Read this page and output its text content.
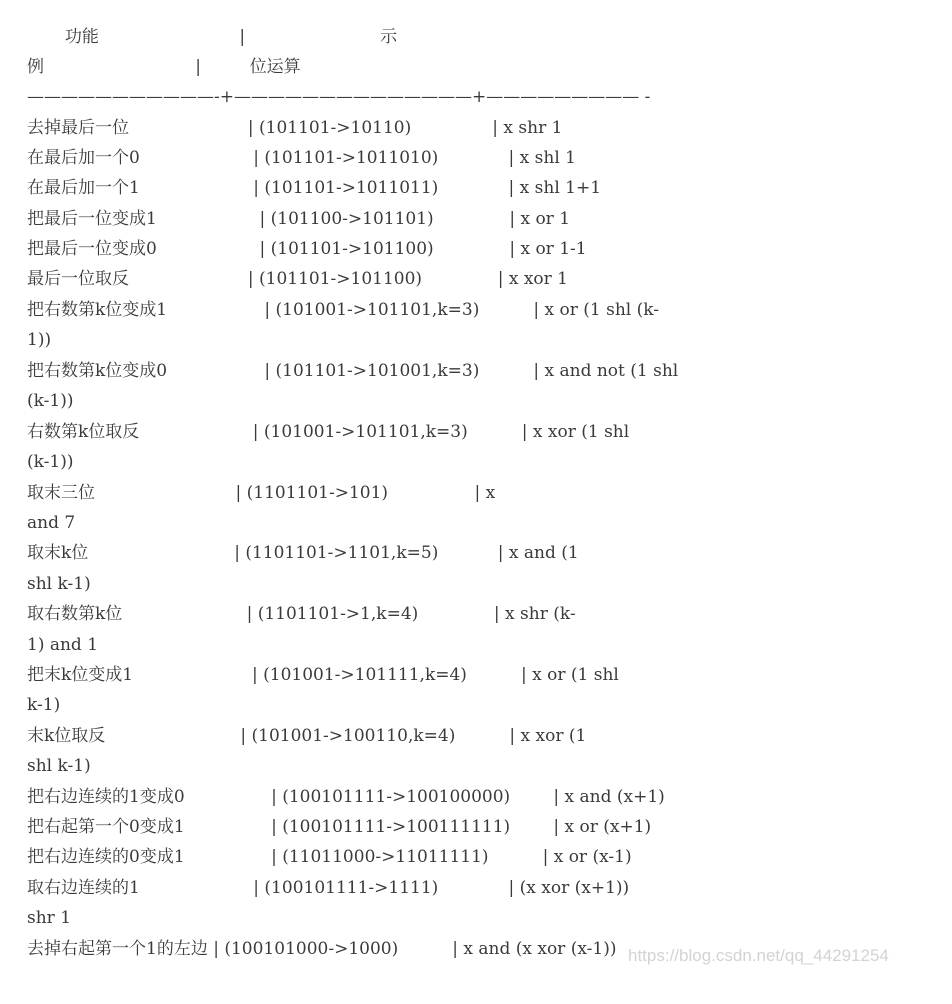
功能                          |                         示
例                            |         位运算
———————————-+——————————————+————————— -
去掉最后一位                      | (101101->10110)               | x shr 1
在最后加一个0                     | (101101->1011010)             | x shl 1
在最后加一个1                     | (101101->1011011)             | x shl 1+1
把最后一位变成1                   | (101100->101101)              | x or 1
把最后一位变成0                   | (101101->101100)              | x or 1-1
最后一位取反                      | (101101->101100)              | x xor 1
把右数第k位变成1                  | (101001->101101,k=3)          | x or (1 shl (k-
1))
把右数第k位变成0                  | (101101->101001,k=3)          | x and not (1 shl
(k-1))
右数第k位取反                     | (101001->101101,k=3)          | x xor (1 shl
(k-1))
取末三位                          | (1101101->101)                | x
and 7
取末k位                           | (1101101->1101,k=5)           | x and (1
shl k-1)
取右数第k位                       | (1101101->1,k=4)              | x shr (k-
1) and 1
把末k位变成1                      | (101001->101111,k=4)          | x or (1 shl
k-1)
末k位取反                         | (101001->100110,k=4)          | x xor (1
shl k-1)
把右边连续的1变成0                | (100101111->100100000)        | x and (x+1)
把右起第一个0变成1                | (100101111->100111111)        | x or (x+1)
把右边连续的0变成1                | (11011000->11011111)          | x or (x-1)
取右边连续的1                     | (100101111->1111)             | (x xor (x+1))
shr 1
去掉右起第一个1的左边 | (100101000->1000)          | x and (x xor (x-1)) https://blog.csdn.net/qq_44291254
